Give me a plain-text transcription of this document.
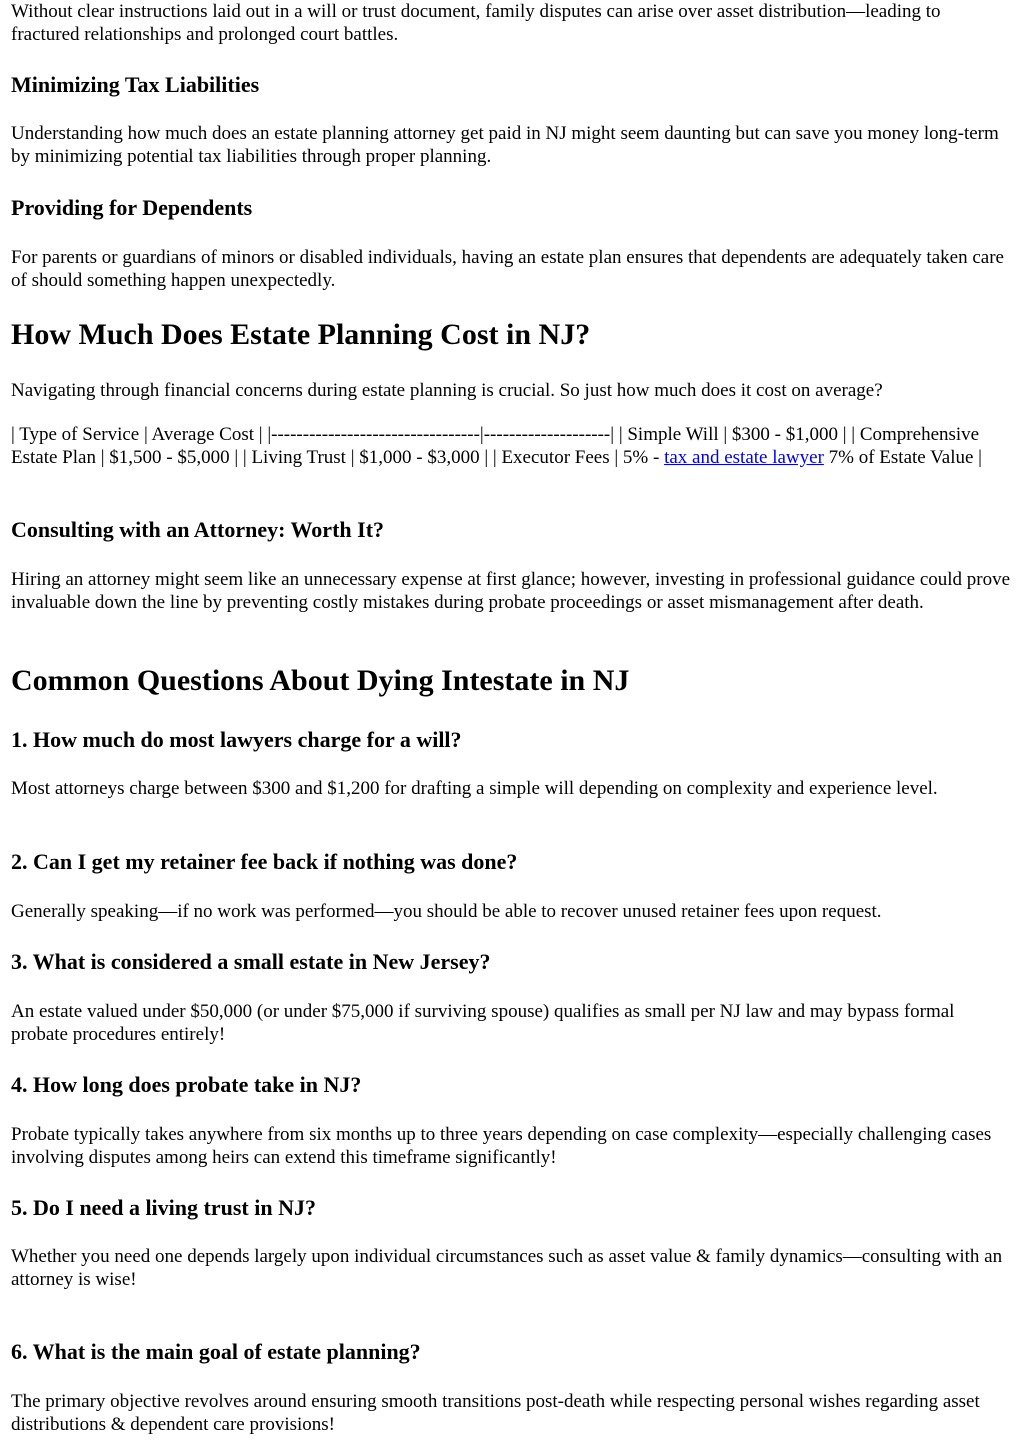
Without clear instructions laid out in a will or trust document, family disputes can arise over asset distribution—leading to fractured relationships and prolonged court battles.

Minimizing Tax Liabilities

Understanding how much does an estate planning attorney get paid in NJ might seem daunting but can save you money long-term by minimizing potential tax liabilities through proper planning.

Providing for Dependents

For parents or guardians of minors or disabled individuals, having an estate plan ensures that dependents are adequately taken care of should something happen unexpectedly.

How Much Does Estate Planning Cost in NJ?

Navigating through financial concerns during estate planning is crucial. So just how much does it cost on average?

| Type of Service | Average Cost | |---------------------------------|--------------------| | Simple Will | $300 - $1,000 | | Comprehensive Estate Plan | $1,500 - $5,000 | | Living Trust | $1,000 - $3,000 | | Executor Fees | 5% - tax and estate lawyer 7% of Estate Value |

Consulting with an Attorney: Worth It?

Hiring an attorney might seem like an unnecessary expense at first glance; however, investing in professional guidance could prove invaluable down the line by preventing costly mistakes during probate proceedings or asset mismanagement after death.

Common Questions About Dying Intestate in NJ
1. How much do most lawyers charge for a will?

Most attorneys charge between $300 and $1,200 for drafting a simple will depending on complexity and experience level.

2. Can I get my retainer fee back if nothing was done?

Generally speaking—if no work was performed—you should be able to recover unused retainer fees upon request.

3. What is considered a small estate in New Jersey?

An estate valued under $50,000 (or under $75,000 if surviving spouse) qualifies as small per NJ law and may bypass formal probate procedures entirely!

4. How long does probate take in NJ?

Probate typically takes anywhere from six months up to three years depending on case complexity—especially challenging cases involving disputes among heirs can extend this timeframe significantly!

5. Do I need a living trust in NJ?

Whether you need one depends largely upon individual circumstances such as asset value & family dynamics—consulting with an attorney is wise!

6. What is the main goal of estate planning?

The primary objective revolves around ensuring smooth transitions post-death while respecting personal wishes regarding asset distributions & dependent care provisions!
